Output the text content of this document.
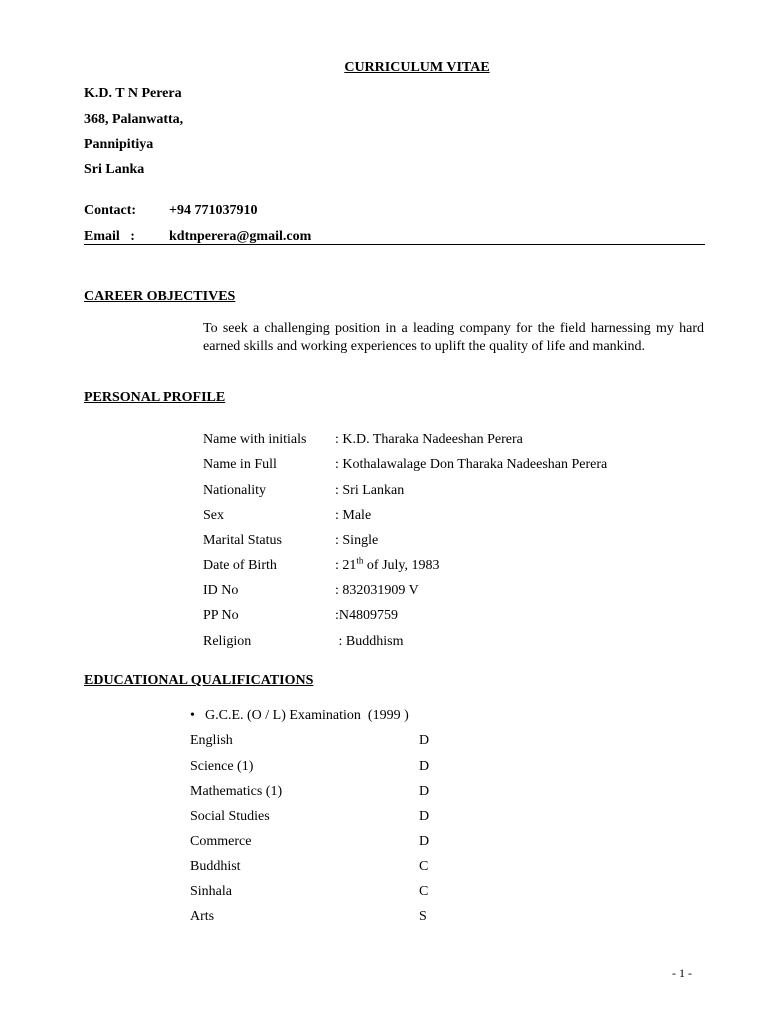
CURRICULUM VITAE
K.D. T N Perera
368, Palanwatta,
Pannipitiya
Sri Lanka
Contact: +94 771037910
Email   : kdtnperera@gmail.com
CAREER OBJECTIVES
To seek a challenging position in a leading company for the field harnessing my hard earned skills and working experiences to uplift the quality of life and mankind.
PERSONAL PROFILE
Name with initials : K.D. Tharaka Nadeeshan Perera
Name in Full	: Kothalawalage Don Tharaka Nadeeshan Perera
Nationality	: Sri Lankan
Sex	: Male
Marital Status	: Single
Date of Birth	: 21th of July, 1983
ID No	: 832031909 V
PP No	:N4809759
Religion	: Buddhism
EDUCATIONAL QUALIFICATIONS
• G.C.E. (O / L) Examination  (1999 )
English	D
Science (1)	D
Mathematics (1)	D
Social Studies	D
Commerce	D
Buddhist	C
Sinhala	C
Arts	S
- 1 -
